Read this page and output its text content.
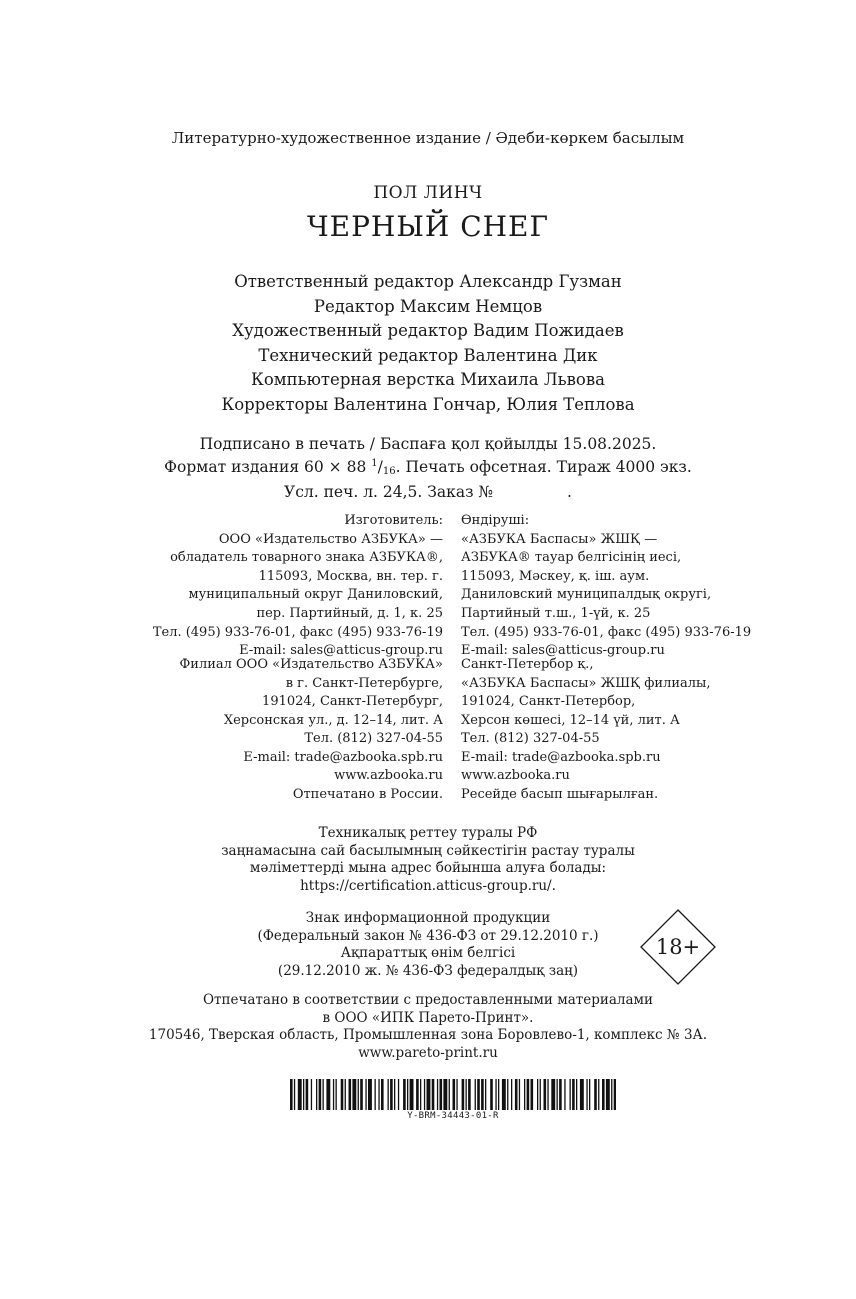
Литературно-художественное издание / Әдеби-көркем басылым
ПОЛ ЛИНЧ
ЧЕРНЫЙ СНЕГ
Ответственный редактор Александр Гузман
Редактор Максим Немцов
Художественный редактор Вадим Пожидаев
Технический редактор Валентина Дик
Компьютерная верстка Михаила Львова
Корректоры Валентина Гончар, Юлия Теплова
Подписано в печать / Баспаға қол қойылды 15.08.2025.
Формат издания 60 × 88 $^1/_{16}$. Печать офсетная. Тираж 4000 экз.
Усл. печ. л. 24,5. Заказ №               .
Изготовитель:
ООО «Издательство АЗБУКА» —
обладатель товарного знака АЗБУКА®,
115093, Москва, вн. тер. г.
муниципальный округ Даниловский,
пер. Партийный, д. 1, к. 25
Тел. (495) 933-76-01, факс (495) 933-76-19
E-mail: sales@atticus-group.ru
Өндіруші:
«АЗБУКА Баспасы» ЖШҚ —
АЗБУКА® тауар белгісінің иесі,
115093, Мәскеу, қ. іш. аум.
Даниловский муниципалдық округі,
Партийный т.ш., 1-үй, к. 25
Тел. (495) 933-76-01, факс (495) 933-76-19
E-mail: sales@atticus-group.ru
Филиал ООО «Издательство АЗБУКА»
в г. Санкт-Петербурге,
191024, Санкт-Петербург,
Херсонская ул., д. 12–14, лит. А
Тел. (812) 327-04-55
E-mail: trade@azbooka.spb.ru
Санкт-Петербор қ.,
«АЗБУКА Баспасы» ЖШҚ филиалы,
191024, Санкт-Петербор,
Херсон көшесі, 12–14 үй, лит. А
Тел. (812) 327-04-55
E-mail: trade@azbooka.spb.ru
www.azbooka.ru
Отпечатано в России.
www.azbooka.ru
Ресейде басып шығарылған.
Техникалық реттеу туралы РФ
заңнамасына сай басылымның сәйкестігін растау туралы
мәліметтерді мына адрес бойынша алуға болады:
https://certification.atticus-group.ru/.
Знак информационной продукции
(Федеральный закон № 436-ФЗ от 29.12.2010 г.)
Ақпараттық өнім белгісі
(29.12.2010 ж. № 436-ФЗ федералдық заң)
18+
Отпечатано в соответствии с предоставленными материалами
в ООО «ИПК Парето-Принт».
170546, Тверская область, Промышленная зона Боровлево-1, комплекс № 3А.
www.pareto-print.ru
Y-BRM-34443-01-R
